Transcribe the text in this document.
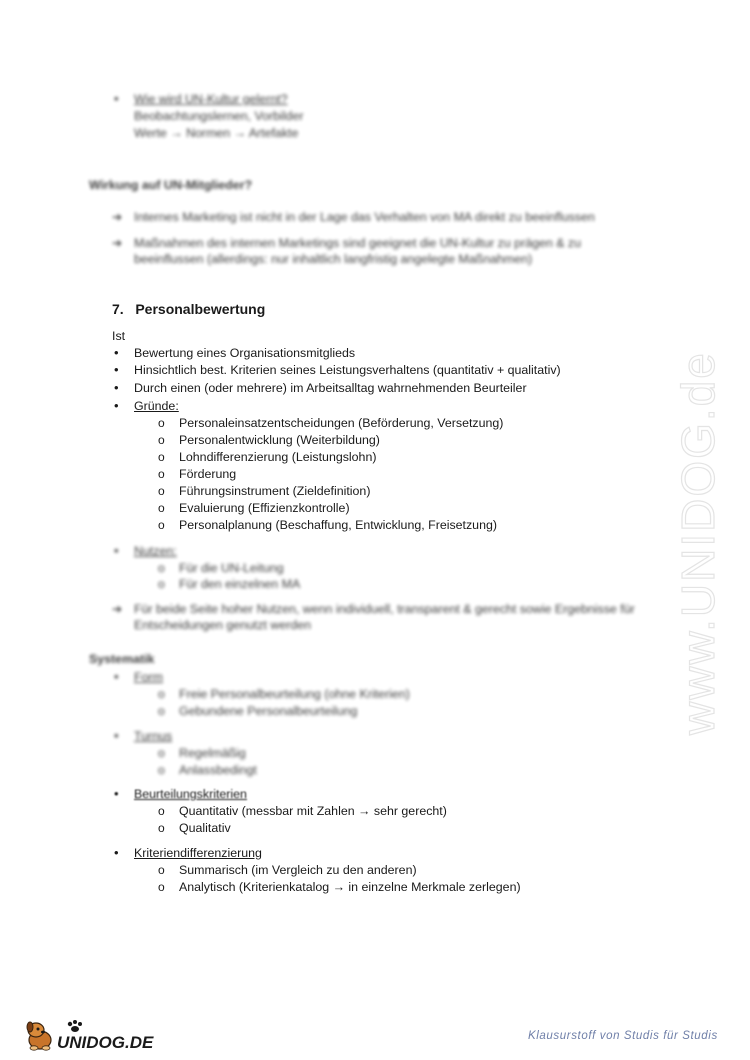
www.UNIDOG.de
• Wie wird UN-Kultur gelernt?
Beobachtungslernen, Vorbilder
Werte → Normen → Artefakte
Wirkung auf UN-Mitglieder?
➔ Internes Marketing ist nicht in der Lage das Verhalten von MA direkt zu beeinflussen
➔ Maßnahmen des internen Marketings sind geeignet die UN-Kultur zu prägen & zu
beeinflussen (allerdings: nur inhaltlich langfristig angelegte Maßnahmen)
7.   Personalbewertung
Ist
• Bewertung eines Organisationsmitglieds
• Hinsichtlich best. Kriterien seines Leistungsverhaltens (quantitativ + qualitativ)
• Durch einen (oder mehrere) im Arbeitsalltag wahrnehmenden Beurteiler
• Gründe:
o Personaleinsatzentscheidungen (Beförderung, Versetzung)
o Personalentwicklung (Weiterbildung)
o Lohndifferenzierung (Leistungslohn)
o Förderung
o Führungsinstrument (Zieldefinition)
o Evaluierung (Effizienzkontrolle)
o Personalplanung (Beschaffung, Entwicklung, Freisetzung)
• Nutzen:
o Für die UN-Leitung
o Für den einzelnen MA
➔ Für beide Seite hoher Nutzen, wenn individuell, transparent & gerecht sowie Ergebnisse für
Entscheidungen genutzt werden
Systematik
• Form
o Freie Personalbeurteilung (ohne Kriterien)
o Gebundene Personalbeurteilung
• Turnus
o Regelmäßig
o Anlassbedingt
• Beurteilungskriterien
o Quantitativ (messbar mit Zahlen → sehr gerecht)
o Qualitativ
• Kriteriendifferenzierung
o Summarisch (im Vergleich zu den anderen)
o Analytisch (Kriterienkatalog → in einzelne Merkmale zerlegen)
UNIDOG.DE	Klausurstoff von Studis für Studis
